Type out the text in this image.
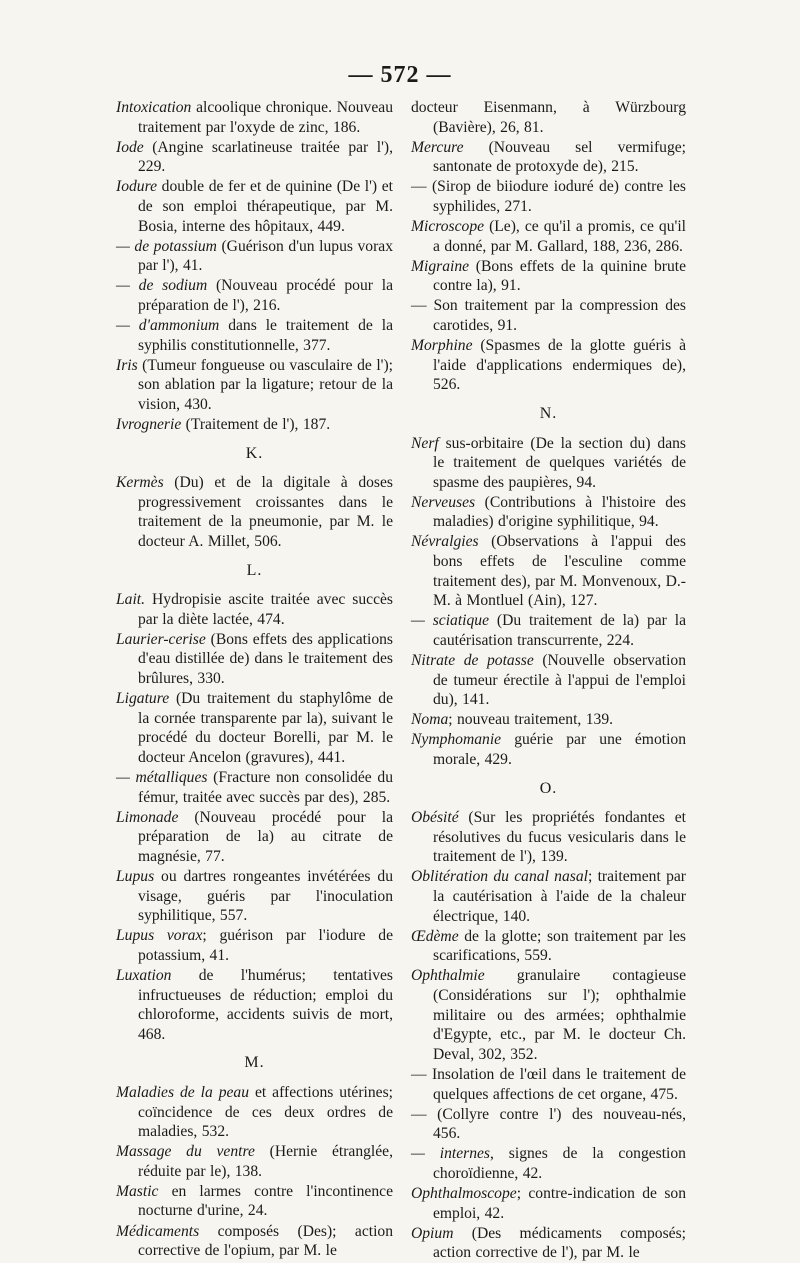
— 572 —
Intoxication alcoolique chronique. Nouveau traitement par l'oxyde de zinc, 186.
Iode (Angine scarlatineuse traitée par l'), 229.
Iodure double de fer et de quinine (De l') et de son emploi thérapeutique, par M. Bosia, interne des hôpitaux, 449.
— de potassium (Guérison d'un lupus vorax par l'), 41.
— de sodium (Nouveau procédé pour la préparation de l'), 216.
— d'ammonium dans le traitement de la syphilis constitutionnelle, 377.
Iris (Tumeur fongueuse ou vasculaire de l'); son ablation par la ligature; retour de la vision, 430.
Ivrognerie (Traitement de l'), 187.
K.
Kermès (Du) et de la digitale à doses progressivement croissantes dans le traitement de la pneumonie, par M. le docteur A. Millet, 506.
L.
Lait. Hydropisie ascite traitée avec succès par la diète lactée, 474.
Laurier-cerise (Bons effets des applications d'eau distillée de) dans le traitement des brûlures, 330.
Ligature (Du traitement du staphylôme de la cornée transparente par la), suivant le procédé du docteur Borelli, par M. le docteur Ancelon (gravures), 441.
— métalliques (Fracture non consolidée du fémur, traitée avec succès par des), 285.
Limonade (Nouveau procédé pour la préparation de la) au citrate de magnésie, 77.
Lupus ou dartres rongeantes invétérées du visage, guéris par l'inoculation syphilitique, 557.
Lupus vorax; guérison par l'iodure de potassium, 41.
Luxation de l'humérus; tentatives infructueuses de réduction; emploi du chloroforme, accidents suivis de mort, 468.
M.
Maladies de la peau et affections utérines; coïncidence de ces deux ordres de maladies, 532.
Massage du ventre (Hernie étranglée, réduite par le), 138.
Mastic en larmes contre l'incontinence nocturne d'urine, 24.
Médicaments composés (Des); action corrective de l'opium, par M. le
docteur Eisenmann, à Würzbourg (Bavière), 26, 81.
Mercure (Nouveau sel vermifuge; santonate de protoxyde de), 215.
— (Sirop de biiodure ioduré de) contre les syphilides, 271.
Microscope (Le), ce qu'il a promis, ce qu'il a donné, par M. Gallard, 188, 236, 286.
Migraine (Bons effets de la quinine brute contre la), 91.
— Son traitement par la compression des carotides, 91.
Morphine (Spasmes de la glotte guéris à l'aide d'applications endermiques de), 526.
N.
Nerf sus-orbitaire (De la section du) dans le traitement de quelques variétés de spasme des paupières, 94.
Nerveuses (Contributions à l'histoire des maladies) d'origine syphilitique, 94.
Névralgies (Observations à l'appui des bons effets de l'esculine comme traitement des), par M. Monvenoux, D.-M. à Montluel (Ain), 127.
— sciatique (Du traitement de la) par la cautérisation transcurrente, 224.
Nitrate de potasse (Nouvelle observation de tumeur érectile à l'appui de l'emploi du), 141.
Noma; nouveau traitement, 139.
Nymphomanie guérie par une émotion morale, 429.
O.
Obésité (Sur les propriétés fondantes et résolutives du fucus vesicularis dans le traitement de l'), 139.
Oblitération du canal nasal; traitement par la cautérisation à l'aide de la chaleur électrique, 140.
Œdème de la glotte; son traitement par les scarifications, 559.
Ophthalmie granulaire contagieuse (Considérations sur l'); ophthalmie militaire ou des armées; ophthalmie d'Egypte, etc., par M. le docteur Ch. Deval, 302, 352.
— Insolation de l'œil dans le traitement de quelques affections de cet organe, 475.
— (Collyre contre l') des nouveau-nés, 456.
— internes, signes de la congestion choroïdienne, 42.
Ophthalmoscope; contre-indication de son emploi, 42.
Opium (Des médicaments composés; action corrective de l'), par M. le
